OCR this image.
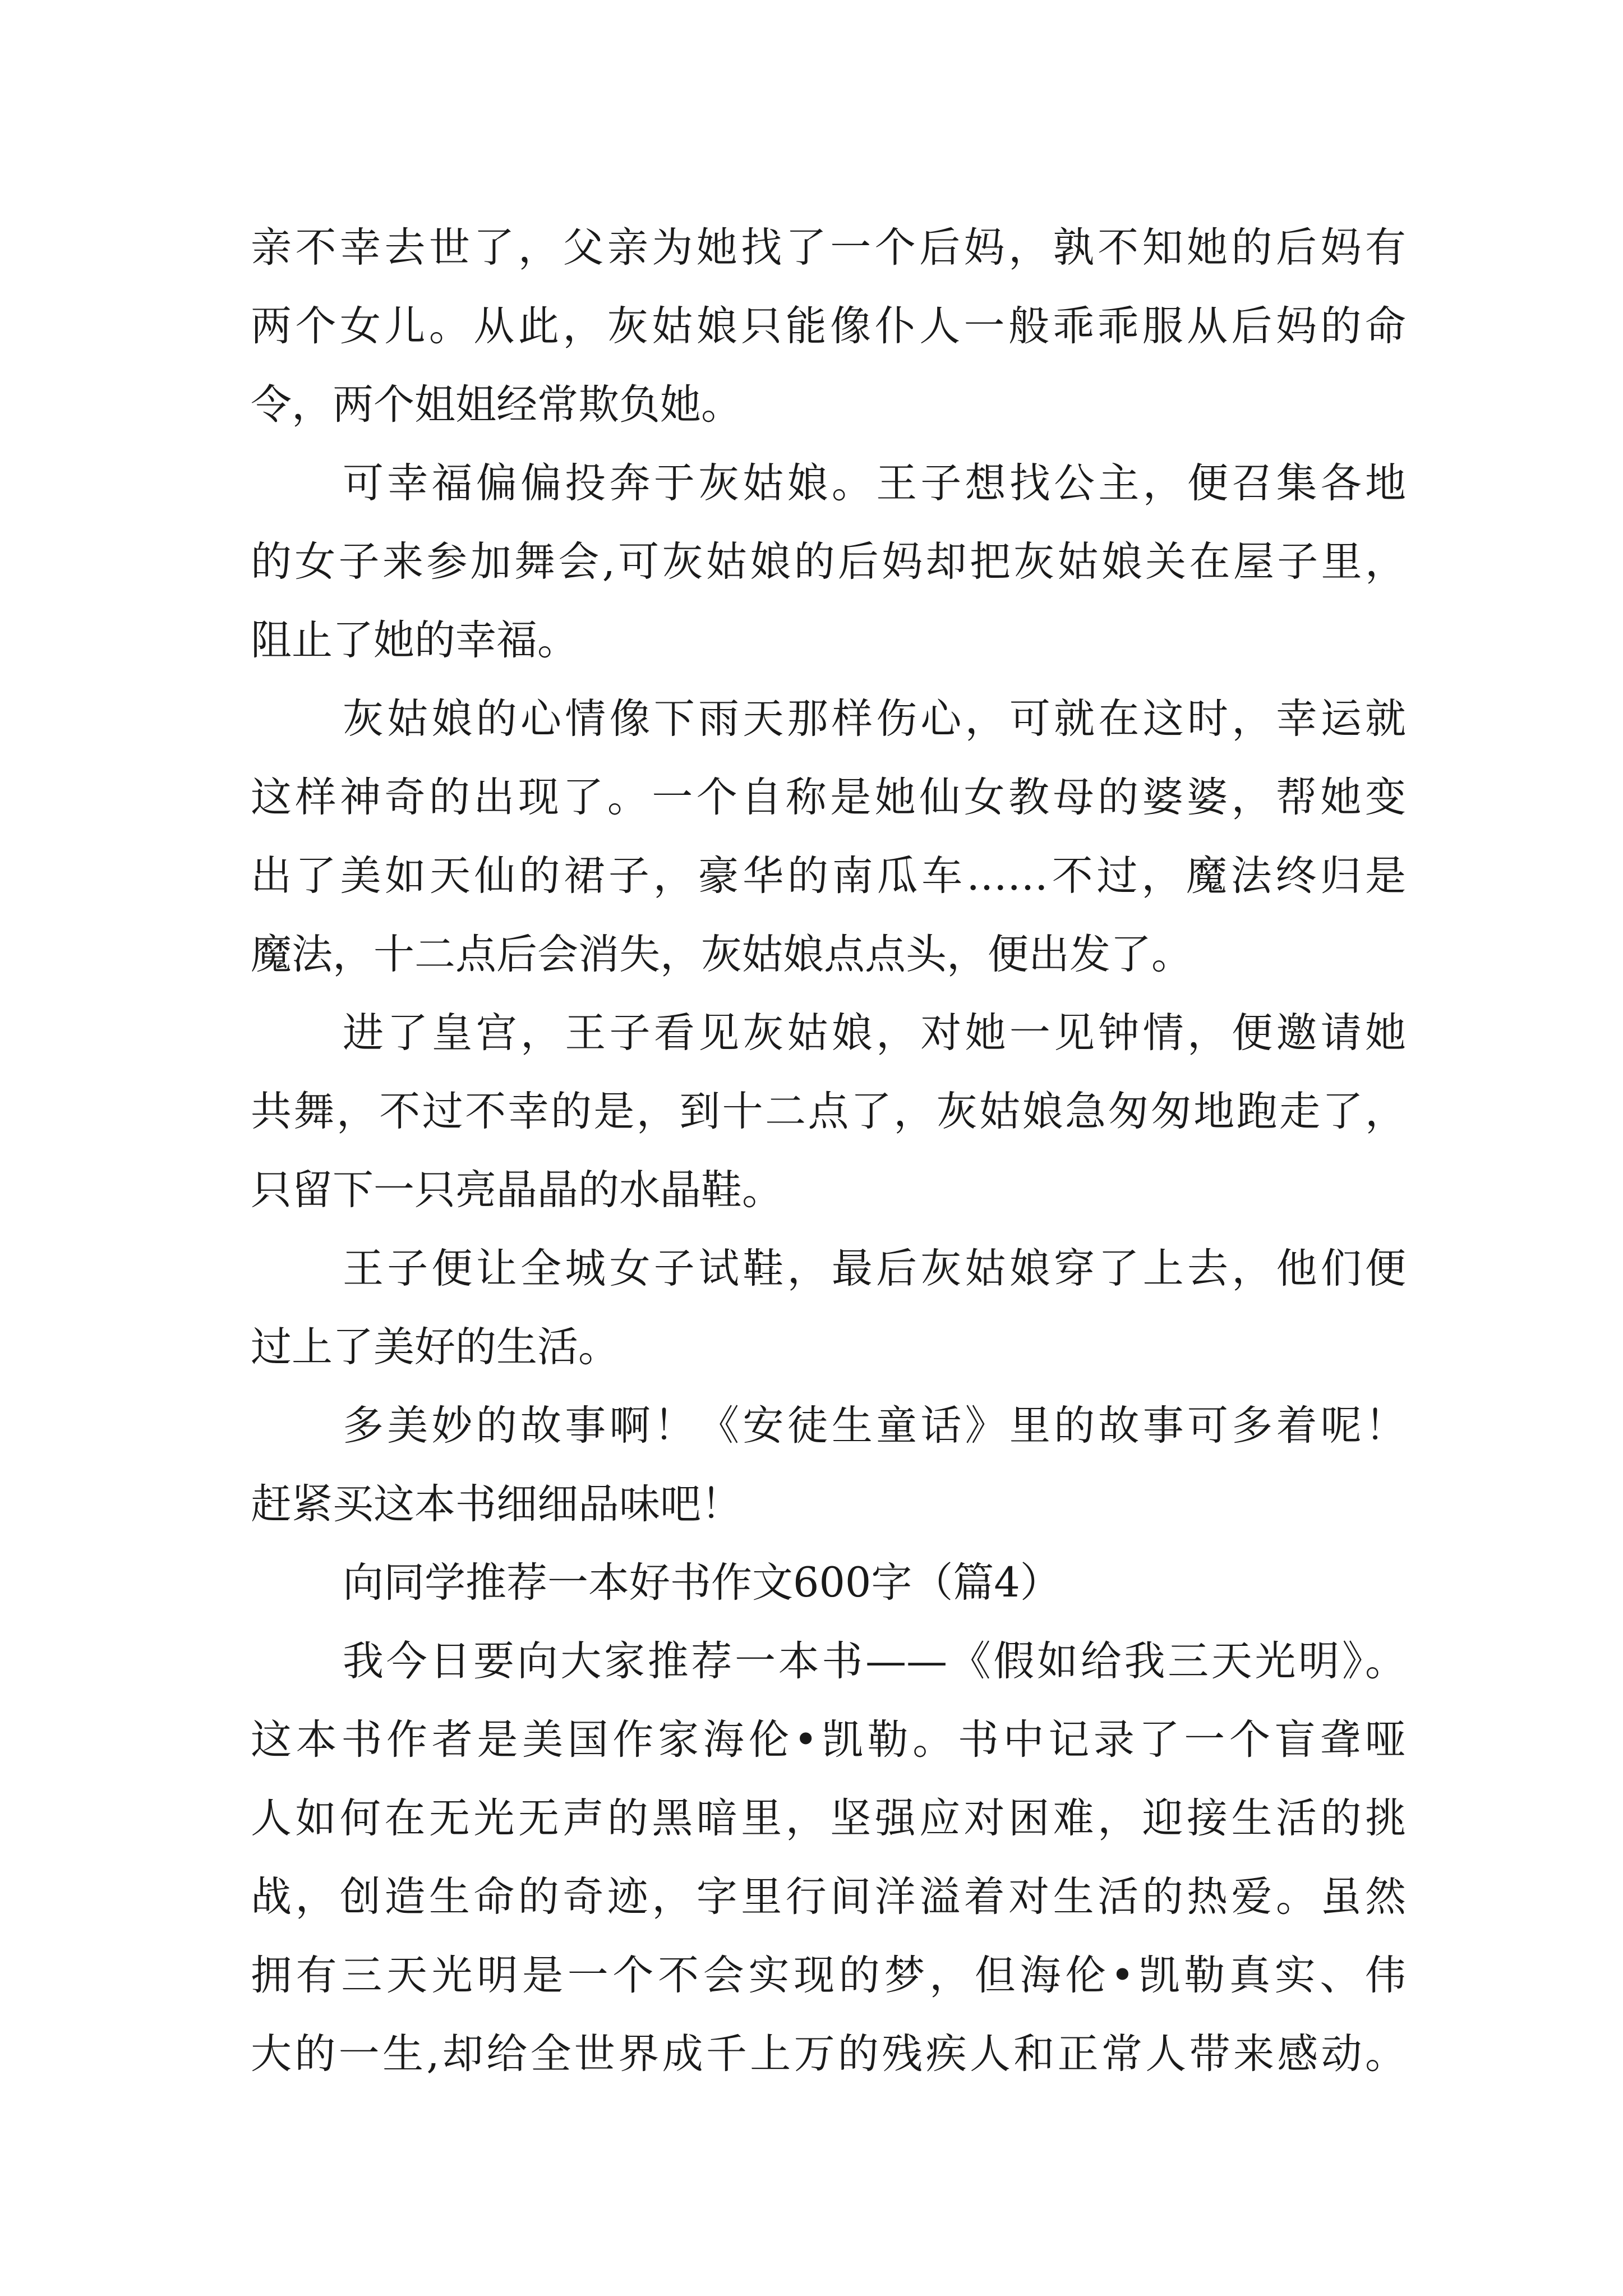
亲不幸去世了，父亲为她找了一个后妈，孰不知她的后妈有
两个女儿。从此，灰姑娘只能像仆人一般乖乖服从后妈的命
令，两个姐姐经常欺负她。
可幸福偏偏投奔于灰姑娘。王子想找公主，便召集各地
的女子来参加舞会,可灰姑娘的后妈却把灰姑娘关在屋子里，
阻止了她的幸福。
灰姑娘的心情像下雨天那样伤心，可就在这时，幸运就
这样神奇的出现了。一个自称是她仙女教母的婆婆，帮她变
出了美如天仙的裙子，豪华的南瓜车……不过，魔法终归是
魔法，十二点后会消失，灰姑娘点点头，便出发了。
进了皇宫，王子看见灰姑娘，对她一见钟情，便邀请她
共舞，不过不幸的是，到十二点了，灰姑娘急匆匆地跑走了，
只留下一只亮晶晶的水晶鞋。
王子便让全城女子试鞋，最后灰姑娘穿了上去，他们便
过上了美好的生活。
多美妙的故事啊！《安徒生童话》里的故事可多着呢！
赶紧买这本书细细品味吧！
向同学推荐一本好书作文600字（篇4）
我今日要向大家推荐一本书——《假如给我三天光明》。
这本书作者是美国作家海伦•凯勒。书中记录了一个盲聋哑
人如何在无光无声的黑暗里，坚强应对困难，迎接生活的挑
战，创造生命的奇迹，字里行间洋溢着对生活的热爱。虽然
拥有三天光明是一个不会实现的梦，但海伦•凯勒真实、伟
大的一生,却给全世界成千上万的残疾人和正常人带来感动。
